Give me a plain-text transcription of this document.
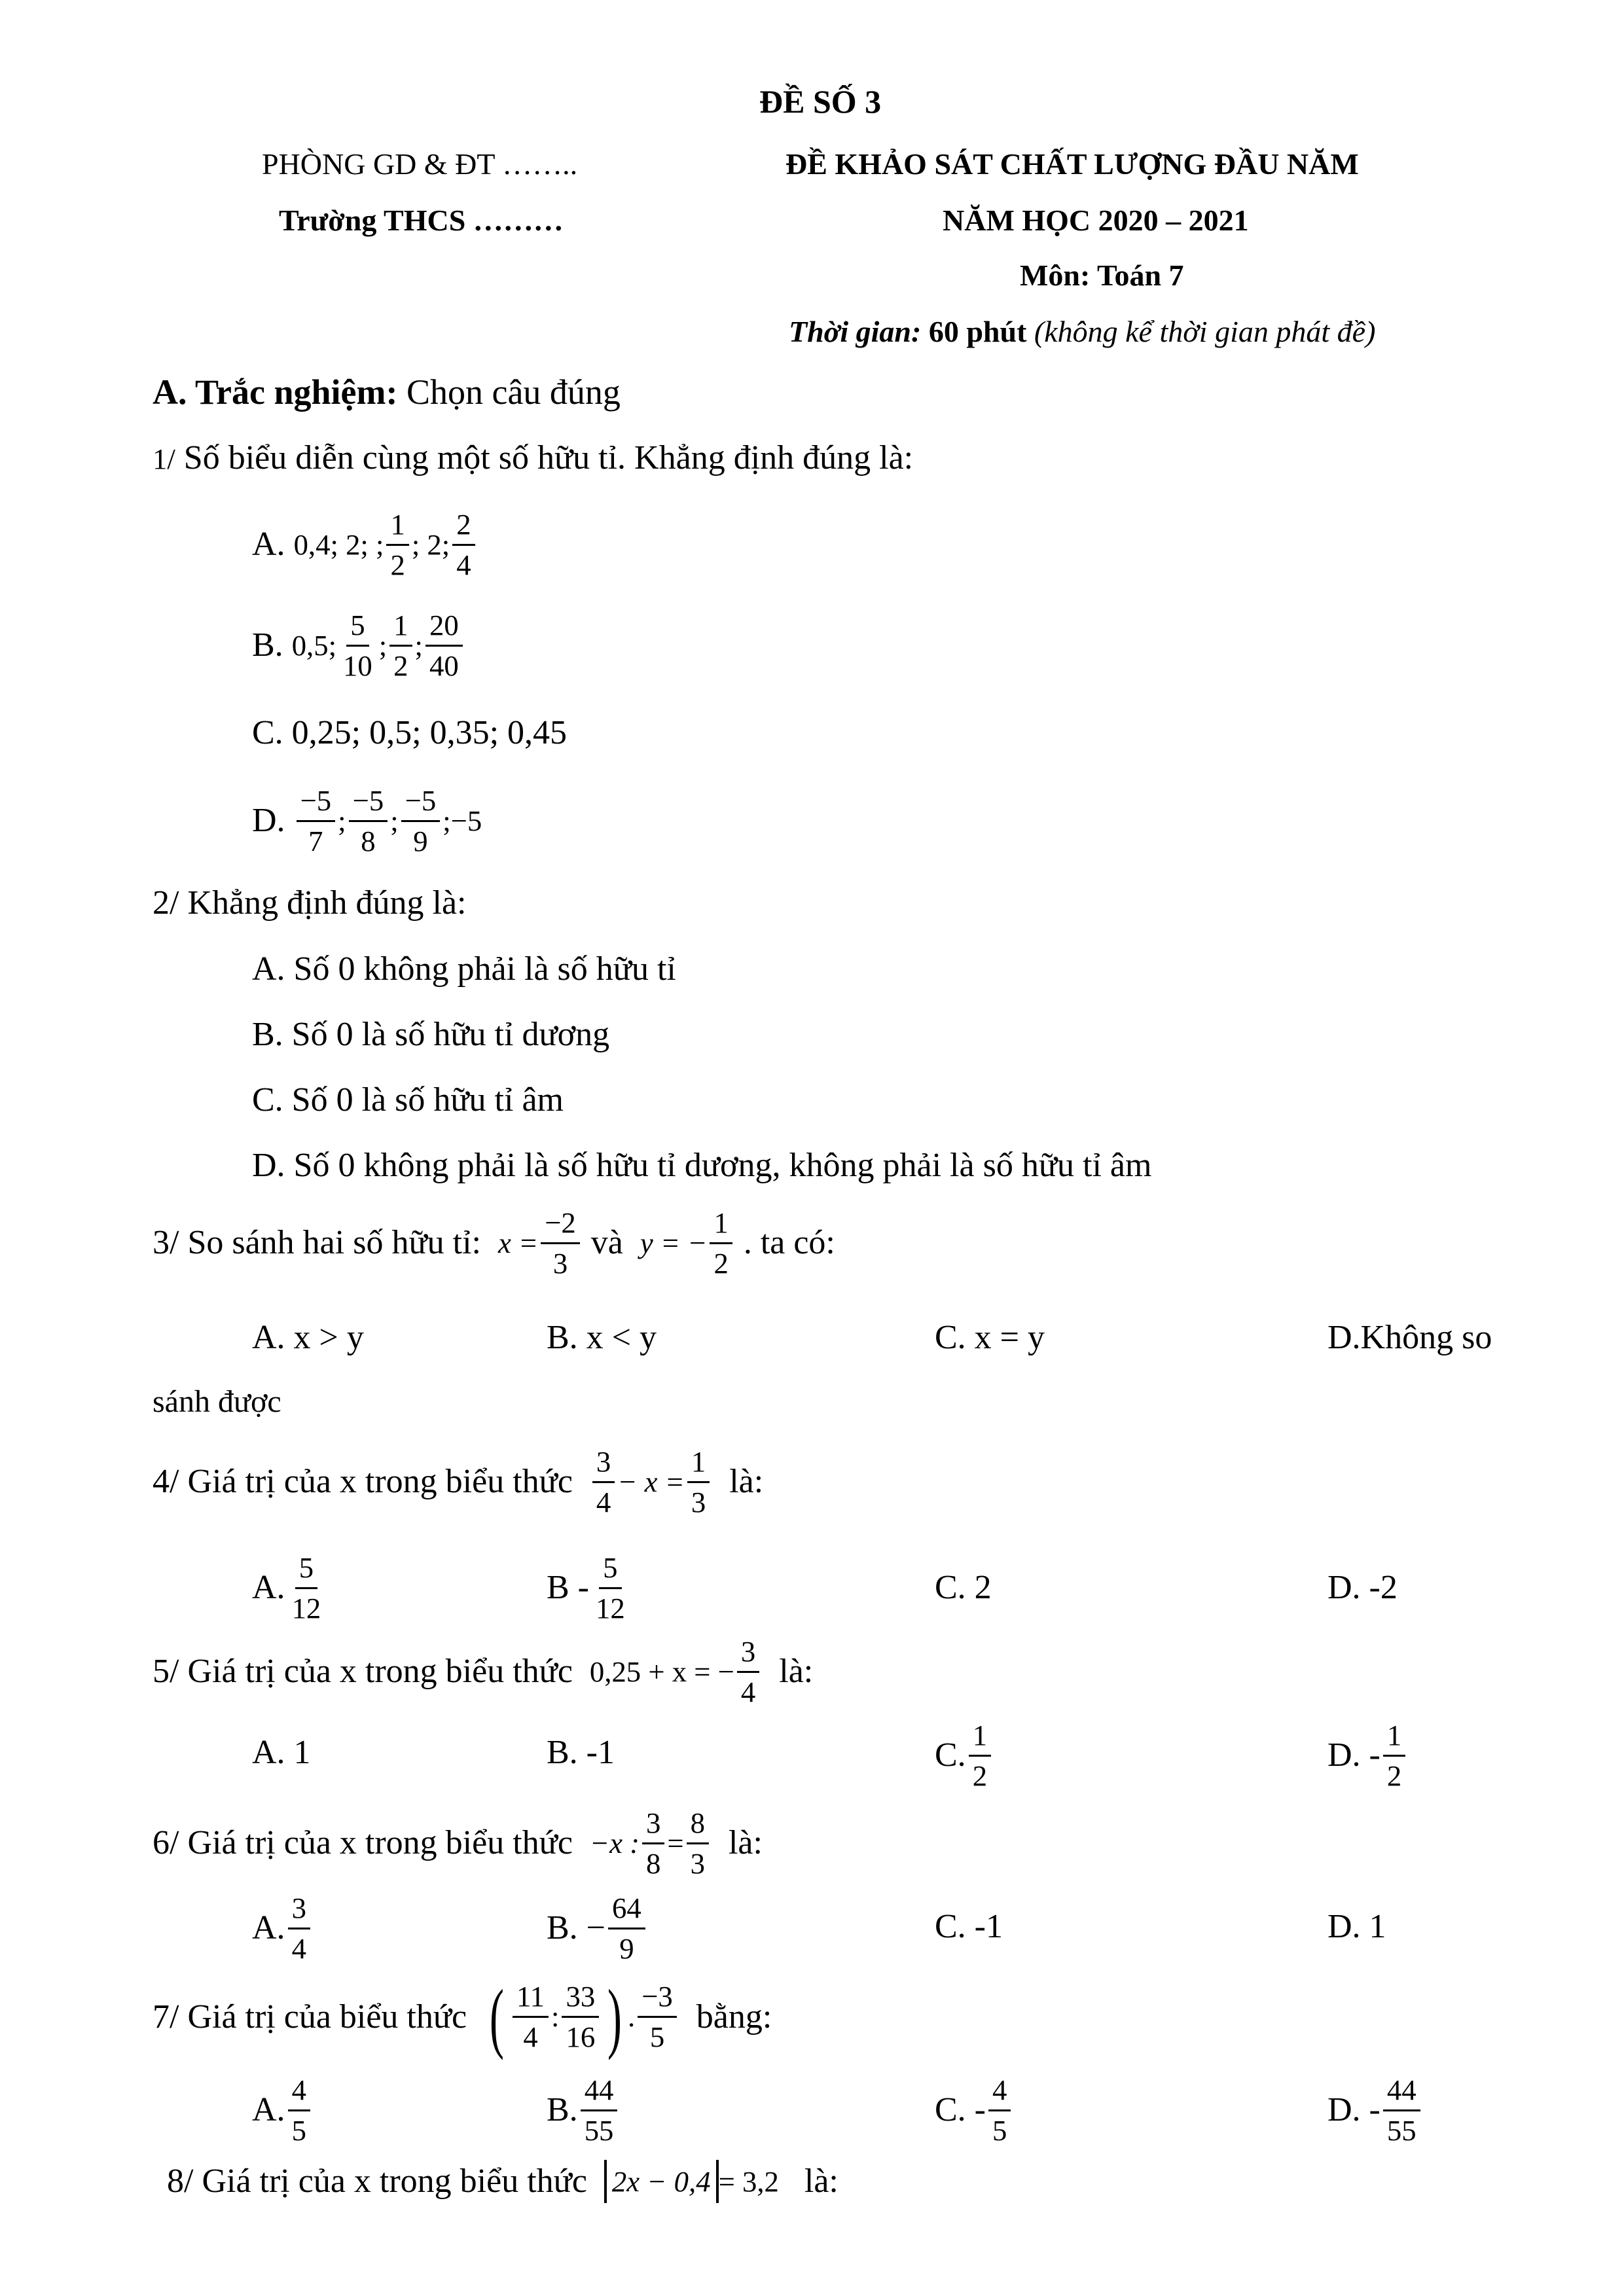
ĐỀ SỐ 3
PHÒNG GD & ĐT ……..
Trường THCS ………
ĐỀ KHẢO SÁT CHẤT LƯỢNG ĐẦU NĂM
NĂM HỌC 2020 – 2021
Môn: Toán 7
Thời gian: 60 phút (không kể thời gian phát đề)
A. Trắc nghiệm: Chọn câu đúng
1/ Số biểu diễn cùng một số hữu tỉ. Khẳng định đúng là:
A.
0,4; 2; ; $\frac{1}{2}$ ; 2; $\frac{2}{4}$
B.
0,5; $\frac{5}{10}$ ; $\frac{1}{2}$ ; $\frac{20}{40}$
C. 0,25; 0,5; 0,35; 0,45
D.
$\frac{-5}{7}$ ; $\frac{-5}{8}$ ; $\frac{-5}{9}$ ; −5
2/ Khẳng định đúng là:
A. Số 0 không phải là số hữu tỉ
B. Số 0 là số hữu tỉ dương
C. Số 0 là số hữu tỉ âm
D. Số 0 không phải là số hữu tỉ dương, không phải là số hữu tỉ âm
3/ So sánh hai số hữu tỉ:
$x = \frac{-2}{3}$
và
y = − $\frac{1}{2}$
. ta có:
A. x > y	B. x < y	C. x = y	D.Không so
sánh được
4/ Giá trị của x trong biểu thức
$\frac{3}{4} - x = \frac{1}{3}$
là:
A. $\frac{5}{12}$	B - $\frac{5}{12}$	C. 2	D. -2
5/ Giá trị của x trong biểu thức
0,25 + x = − $\frac{3}{4}$
là:
A. 1	B. -1	C. $\frac{1}{2}$	D. - $\frac{1}{2}$
6/ Giá trị của x trong biểu thức
−x : $\frac{3}{8} = \frac{8}{3}$
là:
A. $\frac{3}{4}$	B. − $\frac{64}{9}$	C. -1	D. 1
7/ Giá trị của biểu thức
( $\frac{11}{4}$ : $\frac{33}{16}$ ) . $\frac{-3}{5}$
bằng:
A. $\frac{4}{5}$	B. $\frac{44}{55}$	C. - $\frac{4}{5}$	D. - $\frac{44}{55}$
8/ Giá trị của x trong biểu thức
2x − 0,4 = 3,2
là:
